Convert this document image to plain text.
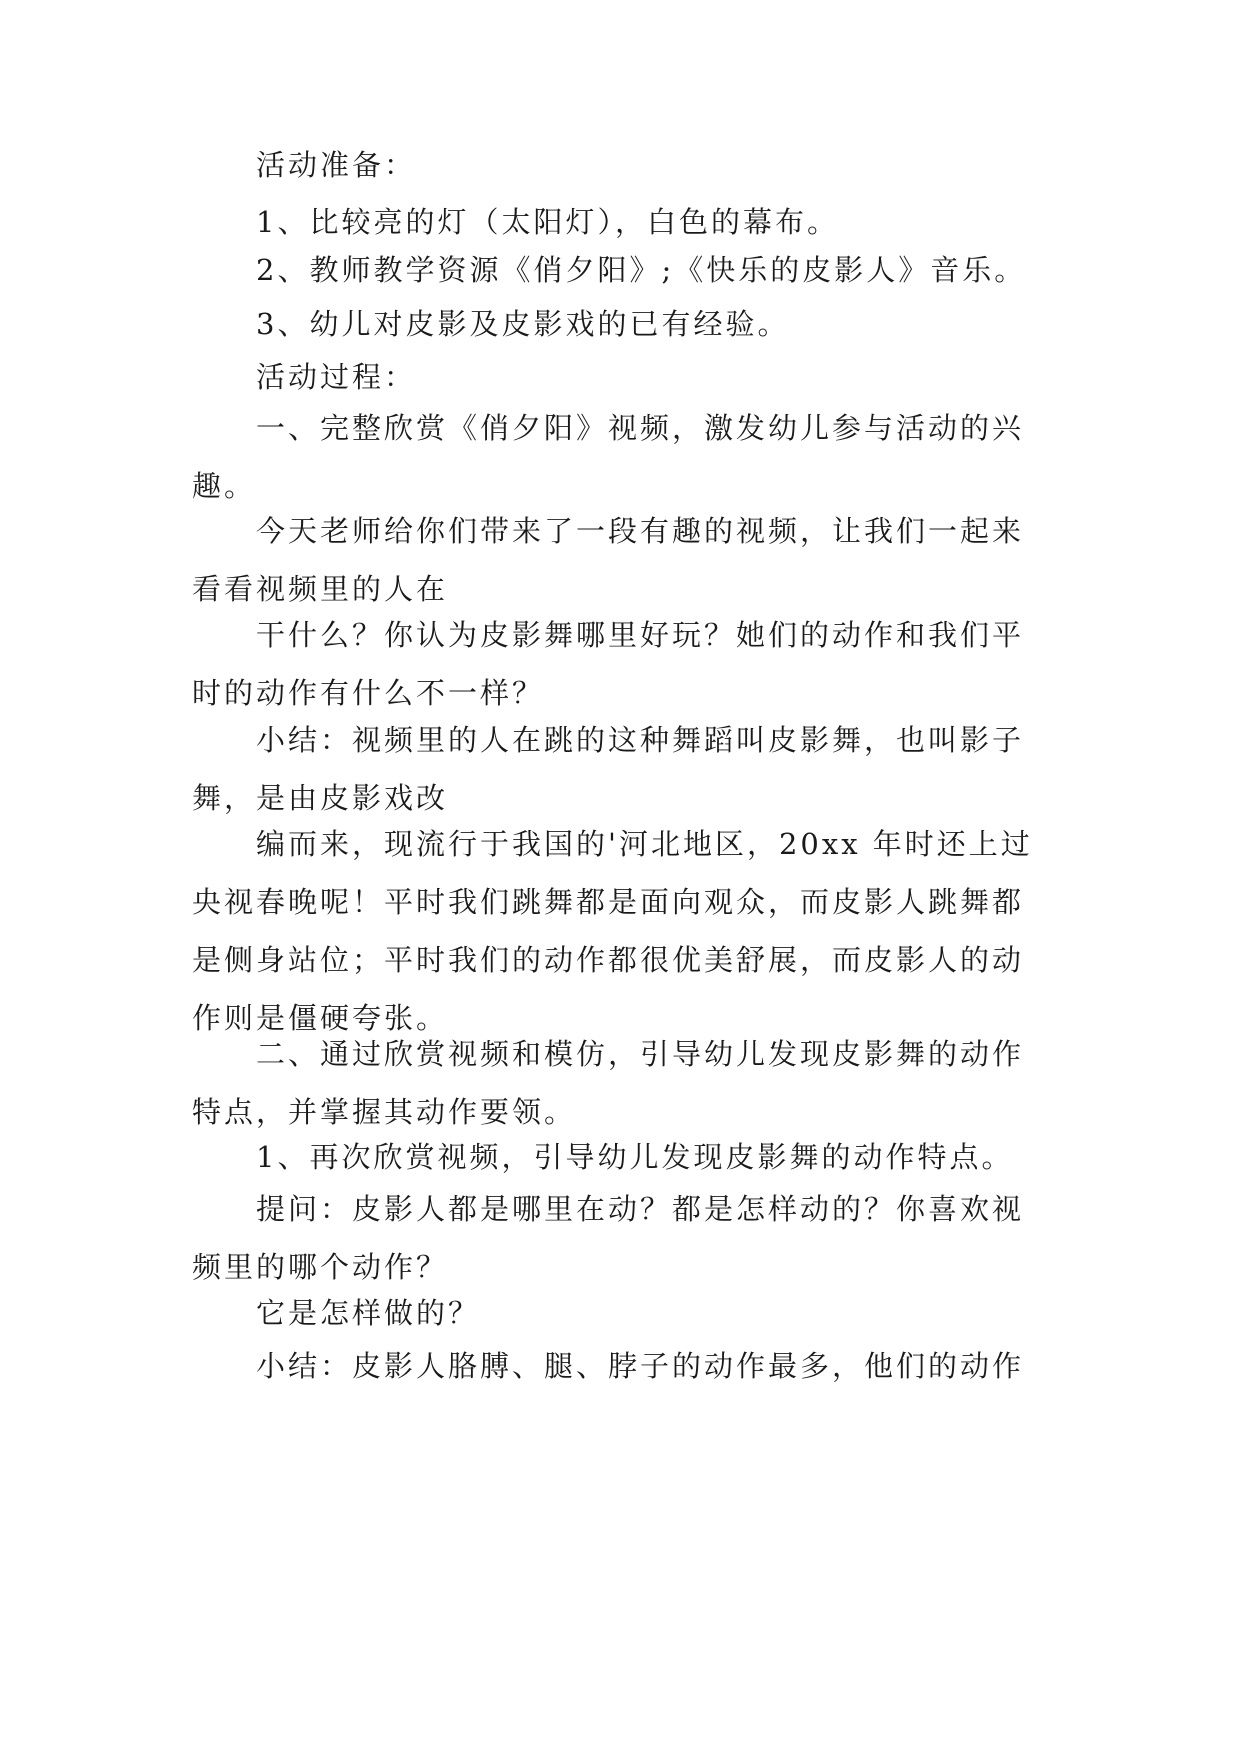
活动准备：

1、比较亮的灯（太阳灯），白色的幕布。

2、教师教学资源《俏夕阳》;《快乐的皮影人》音乐。

3、幼儿对皮影及皮影戏的已有经验。

活动过程：

一、完整欣赏《俏夕阳》视频，激发幼儿参与活动的兴趣。

今天老师给你们带来了一段有趣的视频，让我们一起来看看视频里的人在

干什么？你认为皮影舞哪里好玩？她们的动作和我们平时的动作有什么不一样？

小结：视频里的人在跳的这种舞蹈叫皮影舞，也叫影子舞，是由皮影戏改

编而来，现流行于我国的'河北地区，20xx 年时还上过央视春晚呢！平时我们跳舞都是面向观众，而皮影人跳舞都是侧身站位；平时我们的动作都很优美舒展，而皮影人的动作则是僵硬夸张。

二、通过欣赏视频和模仿，引导幼儿发现皮影舞的动作特点，并掌握其动作要领。

1、再次欣赏视频，引导幼儿发现皮影舞的动作特点。

提问：皮影人都是哪里在动？都是怎样动的？你喜欢视频里的哪个动作？

它是怎样做的？

小结：皮影人胳膊、腿、脖子的动作最多，他们的动作
